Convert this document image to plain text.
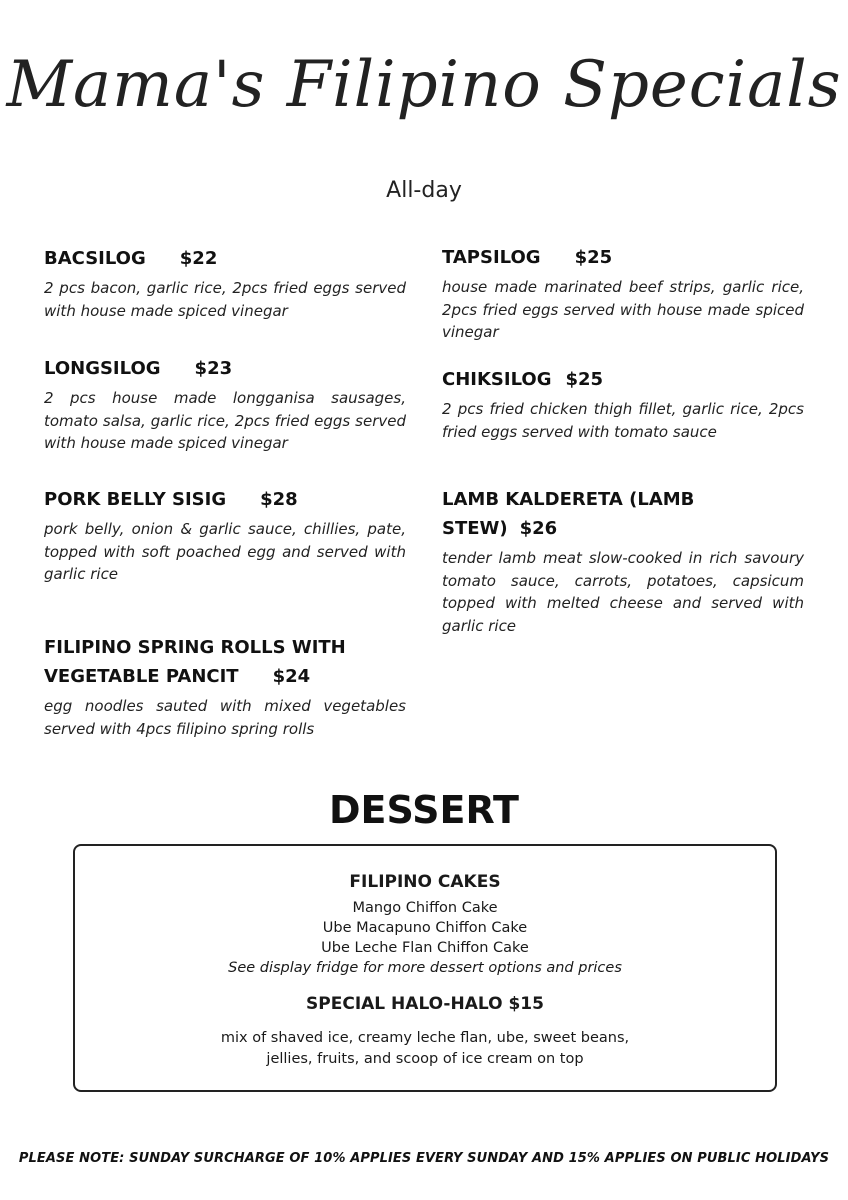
Mama's Filipino Specials
All-day
BACSILOG $22

2 pcs bacon, garlic rice, 2pcs fried eggs served with house made spiced vinegar

TAPSILOG $25

house made marinated beef strips, garlic rice, 2pcs fried eggs served with house made spiced vinegar

LONGSILOG $23

2 pcs house made longganisa sausages, tomato salsa, garlic rice, 2pcs fried eggs served with house made spiced vinegar

CHIKSILOG $25

2 pcs fried chicken thigh fillet, garlic rice, 2pcs fried eggs served with tomato sauce

PORK BELLY SISIG $28

pork belly, onion & garlic sauce, chillies, pate, topped with soft poached egg and served with garlic rice

LAMB KALDERETA (LAMB STEW) $26

tender lamb meat slow-cooked in rich savoury tomato sauce, carrots, potatoes, capsicum topped with melted cheese and served with garlic rice

FILIPINO SPRING ROLLS WITH
VEGETABLE PANCIT $24

egg noodles sauted with mixed vegetables served with 4pcs filipino spring rolls

DESSERT
FILIPINO CAKES
Mango Chiffon Cake
Ube Macapuno Chiffon Cake
Ube Leche Flan Chiffon Cake
See display fridge for more dessert options and prices
SPECIAL HALO-HALO $15
mix of shaved ice, creamy leche flan, ube, sweet beans, jellies, fruits, and scoop of ice cream on top
PLEASE NOTE: SUNDAY SURCHARGE OF 10% APPLIES EVERY SUNDAY AND 15% APPLIES ON PUBLIC HOLIDAYS
